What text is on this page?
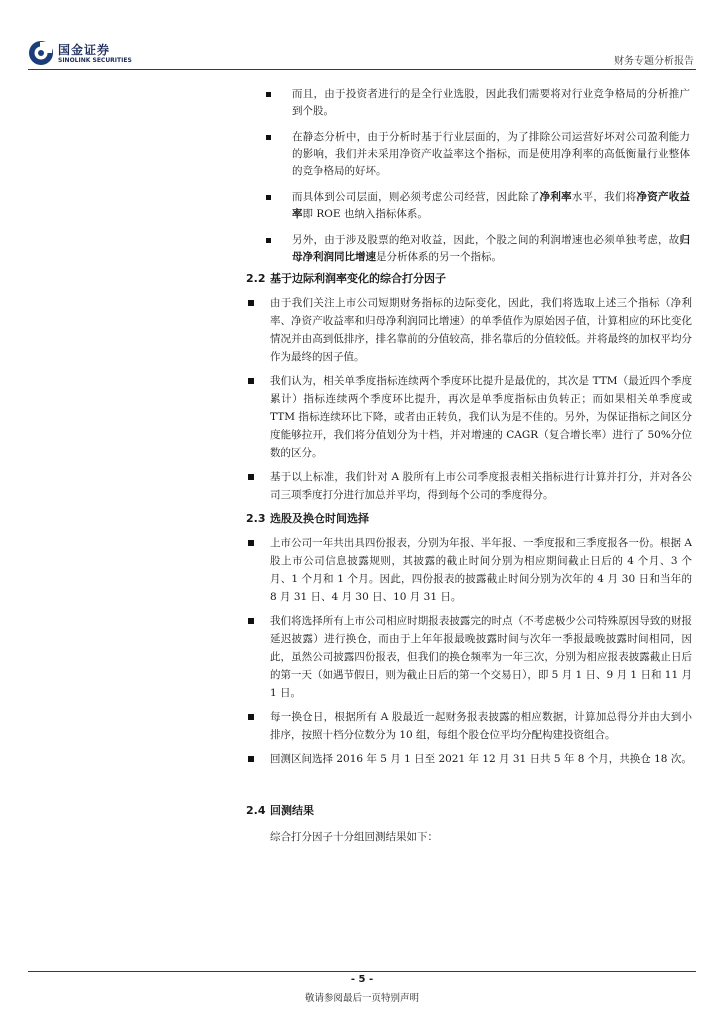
国金证券
SINOLINK SECURITIES	财务专题分析报告
而且，由于投资者进行的是全行业选股，因此我们需要将对行业竞争格局的分析推广到个股。
在静态分析中，由于分析时基于行业层面的，为了排除公司运营好坏对公司盈利能力的影响，我们并未采用净资产收益率这个指标，而是使用净利率的高低衡量行业整体的竞争格局的好坏。
而具体到公司层面，则必须考虑公司经营，因此除了净利率水平，我们将净资产收益率即 ROE 也纳入指标体系。
另外，由于涉及股票的绝对收益，因此，个股之间的利润增速也必须单独考虑，故归母净利润同比增速是分析体系的另一个指标。
2.2 基于边际利润率变化的综合打分因子
由于我们关注上市公司短期财务指标的边际变化，因此，我们将选取上述三个指标（净利率、净资产收益率和归母净利润同比增速）的单季值作为原始因子值，计算相应的环比变化情况并由高到低排序，排名靠前的分值较高，排名靠后的分值较低。并将最终的加权平均分作为最终的因子值。
我们认为，相关单季度指标连续两个季度环比提升是最优的，其次是 TTM（最近四个季度累计）指标连续两个季度环比提升，再次是单季度指标由负转正；而如果相关单季度或 TTM 指标连续环比下降，或者由正转负，我们认为是不佳的。另外，为保证指标之间区分度能够拉开，我们将分值划分为十档，并对增速的 CAGR（复合增长率）进行了 50%分位数的区分。
基于以上标准，我们针对 A 股所有上市公司季度报表相关指标进行计算并打分，并对各公司三项季度打分进行加总并平均，得到每个公司的季度得分。
2.3 选股及换仓时间选择
上市公司一年共出具四份报表，分别为年报、半年报、一季度报和三季度报各一份。根据 A 股上市公司信息披露规则，其披露的截止时间分别为相应期间截止日后的 4 个月、3 个月、1 个月和 1 个月。因此，四份报表的披露截止时间分别为次年的 4 月 30 日和当年的 8 月 31 日、4 月 30 日、10 月 31 日。
我们将选择所有上市公司相应时期报表披露完的时点（不考虑极少公司特殊原因导致的财报延迟披露）进行换仓，而由于上年年报最晚披露时间与次年一季报最晚披露时间相同，因此，虽然公司披露四份报表，但我们的换仓频率为一年三次，分别为相应报表披露截止日后的第一天（如遇节假日，则为截止日后的第一个交易日），即 5 月 1 日、9 月 1 日和 11 月 1 日。
每一换仓日，根据所有 A 股最近一起财务报表披露的相应数据，计算加总得分并由大到小排序，按照十档分位数分为 10 组，每组个股仓位平均分配构建投资组合。
回测区间选择 2016 年 5 月 1 日至 2021 年 12 月 31 日共 5 年 8 个月，共换仓 18 次。
2.4 回测结果
综合打分因子十分组回测结果如下：
- 5 -
敬请参阅最后一页特别声明
